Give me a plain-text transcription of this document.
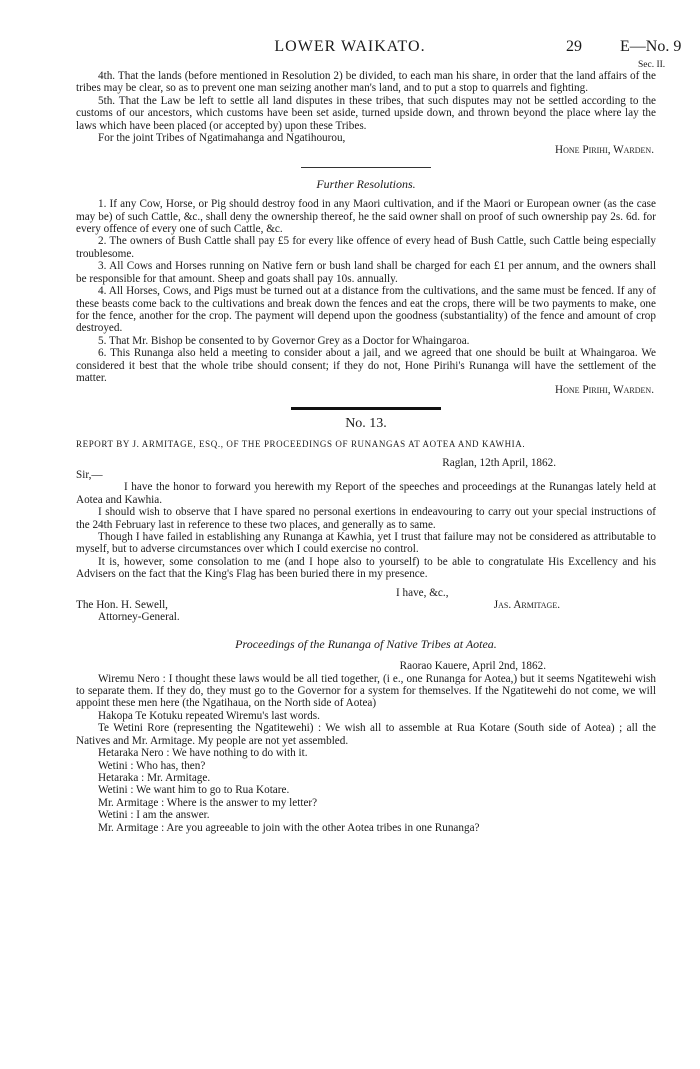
LOWER WAIKATO.	29 E—No. 9
Sec. II.

4th. That the lands (before mentioned in Resolution 2) be divided, to each man his share, in order that the land affairs of the tribes may be clear, so as to prevent one man seizing another man's land, and to put a stop to quarrels and fighting.

5th. That the Law be left to settle all land disputes in these tribes, that such disputes may not be settled according to the customs of our ancestors, which customs have been set aside, turned upside down, and thrown beyond the place where lay the laws which have been placed (or accepted by) upon these Tribes.

For the joint Tribes of Ngatimahanga and Ngatihourou,

Hone Pirihi, Warden.

Further Resolutions.

1. If any Cow, Horse, or Pig should destroy food in any Maori cultivation, and if the Maori or European owner (as the case may be) of such Cattle, &c., shall deny the ownership thereof, he the said owner shall on proof of such ownership pay 2s. 6d. for every offence of every one of such Cattle, &c.

2. The owners of Bush Cattle shall pay £5 for every like offence of every head of Bush Cattle, such Cattle being especially troublesome.

3. All Cows and Horses running on Native fern or bush land shall be charged for each £1 per annum, and the owners shall be responsible for that amount. Sheep and goats shall pay 10s. annually.

4. All Horses, Cows, and Pigs must be turned out at a distance from the cultivations, and the same must be fenced. If any of these beasts come back to the cultivations and break down the fences and eat the crops, there will be two payments to make, one for the fence, another for the crop. The payment will depend upon the goodness (substantiality) of the fence and amount of crop destroyed.

5. That Mr. Bishop be consented to by Governor Grey as a Doctor for Whaingaroa.

6. This Runanga also held a meeting to consider about a jail, and we agreed that one should be built at Whaingaroa. We considered it best that the whole tribe should consent; if they do not, Hone Pirihi's Runanga will have the settlement of the matter.

Hone Pirihi, Warden.

No. 13.

REPORT BY J. ARMITAGE, ESQ., OF THE PROCEEDINGS OF RUNANGAS AT AOTEA AND KAWHIA.

Raglan, 12th April, 1862.

Sir,—

I have the honor to forward you herewith my Report of the speeches and proceedings at the Runangas lately held at Aotea and Kawhia.

I should wish to observe that I have spared no personal exertions in endeavouring to carry out your special instructions of the 24th February last in reference to these two places, and generally as to same.

Though I have failed in establishing any Runanga at Kawhia, yet I trust that failure may not be considered as attributable to myself, but to adverse circumstances over which I could exercise no control.

It is, however, some consolation to me (and I hope also to yourself) to be able to congratulate His Excellency and his Advisers on the fact that the King's Flag has been buried there in my presence.

I have, &c.,

The Hon. H. Sewell,	Jas. Armitage.

Attorney-General.

Proceedings of the Runanga of Native Tribes at Aotea.

Raorao Kauere, April 2nd, 1862.

Wiremu Nero : I thought these laws would be all tied together, (i e., one Runanga for Aotea,) but it seems Ngatitewehi wish to separate them. If they do, they must go to the Governor for a system for themselves. If the Ngatitewehi do not come, we will appoint these men here (the Ngatihaua, on the North side of Aotea)

Hakopa Te Kotuku repeated Wiremu's last words.

Te Wetini Rore (representing the Ngatitewehi) : We wish all to assemble at Rua Kotare (South side of Aotea) ; all the Natives and Mr. Armitage. My people are not yet assembled.

Hetaraka Nero : We have nothing to do with it.

Wetini : Who has, then?

Hetaraka : Mr. Armitage.

Wetini : We want him to go to Rua Kotare.

Mr. Armitage : Where is the answer to my letter?

Wetini : I am the answer.

Mr. Armitage : Are you agreeable to join with the other Aotea tribes in one Runanga?
